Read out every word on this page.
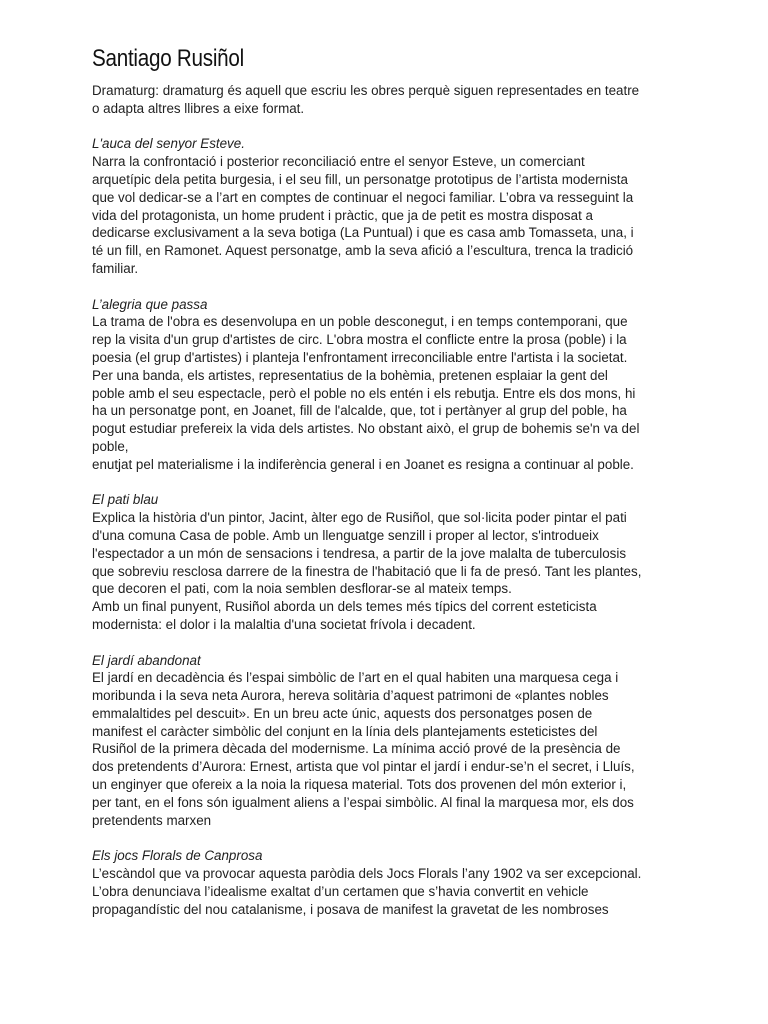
Santiago Rusiñol

Dramaturg: dramaturg és aquell que escriu les obres perquè siguen representades en teatre
o adapta altres llibres a eixe format.

L'auca del senyor Esteve.

Narra la confrontació i posterior reconciliació entre el senyor Esteve, un comerciant
arquetípic dela petita burgesia, i el seu fill, un personatge prototipus de l’artista modernista
que vol dedicar-se a l’art en comptes de continuar el negoci familiar. L’obra va resseguint la
vida del protagonista, un home prudent i pràctic, que ja de petit es mostra disposat a
dedicarse exclusivament a la seva botiga (La Puntual) i que es casa amb Tomasseta, una, i
té un fill, en Ramonet. Aquest personatge, amb la seva afició a l’escultura, trenca la tradició
familiar.

L’alegria que passa

La trama de l'obra es desenvolupa en un poble desconegut, i en temps contemporani, que
rep la visita d'un grup d'artistes de circ. L'obra mostra el conflicte entre la prosa (poble) i la
poesia (el grup d'artistes) i planteja l'enfrontament irreconciliable entre l'artista i la societat.
Per una banda, els artistes, representatius de la bohèmia, pretenen esplaiar la gent del
poble amb el seu espectacle, però el poble no els entén i els rebutja. Entre els dos mons, hi
ha un personatge pont, en Joanet, fill de l'alcalde, que, tot i pertànyer al grup del poble, ha
pogut estudiar prefereix la vida dels artistes. No obstant això, el grup de bohemis se'n va del
poble,
enutjat pel materialisme i la indiferència general i en Joanet es resigna a continuar al poble.

El pati blau

Explica la història d'un pintor, Jacint, àlter ego de Rusiñol, que sol·licita poder pintar el pati
d'una comuna Casa de poble. Amb un llenguatge senzill i proper al lector, s'introdueix
l'espectador a un món de sensacions i tendresa, a partir de la jove malalta de tuberculosis
que sobreviu resclosa darrere de la finestra de l'habitació que li fa de presó. Tant les plantes,
que decoren el pati, com la noia semblen desflorar-se al mateix temps.
Amb un final punyent, Rusiñol aborda un dels temes més típics del corrent esteticista
modernista: el dolor i la malaltia d'una societat frívola i decadent.

El jardí abandonat

El jardí en decadència és l’espai simbòlic de l’art en el qual habiten una marquesa cega i
moribunda i la seva neta Aurora, hereva solitària d’aquest patrimoni de «plantes nobles
emmalaltides pel descuit». En un breu acte únic, aquests dos personatges posen de
manifest el caràcter simbòlic del conjunt en la línia dels plantejaments esteticistes del
Rusiñol de la primera dècada del modernisme. La mínima acció prové de la presència de
dos pretendents d’Aurora: Ernest, artista que vol pintar el jardí i endur-se’n el secret, i Lluís,
un enginyer que ofereix a la noia la riquesa material. Tots dos provenen del món exterior i,
per tant, en el fons són igualment aliens a l’espai simbòlic. Al final la marquesa mor, els dos
pretendents marxen

Els jocs Florals de Canprosa

L’escàndol que va provocar aquesta paròdia dels Jocs Florals l’any 1902 va ser excepcional.
L’obra denunciava l’idealisme exaltat d’un certamen que s’havia convertit en vehicle
propagandístic del nou catalanisme, i posava de manifest la gravetat de les nombroses
